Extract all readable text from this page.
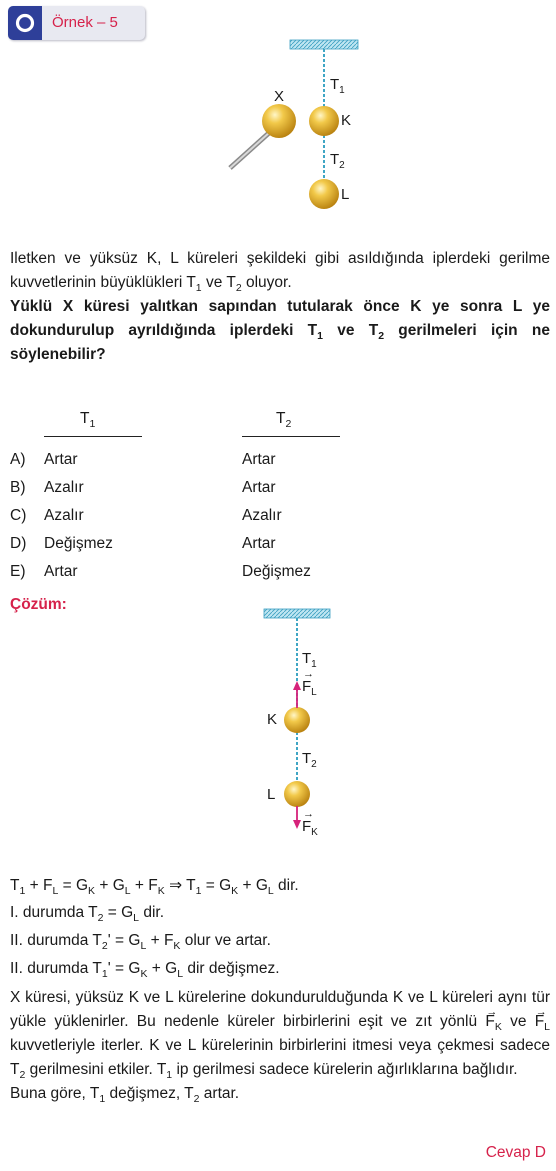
Örnek – 5
X
K
L
$T_1$
$T_2$

Iletken ve yüksüz K, L küreleri şekildeki gibi asıldığında iplerdeki gerilme kuvvetlerinin büyüklükleri $T_1$ ve $T_2$ oluyor.

Yüklü X küresi yalıtkan sapından tutularak önce K ye sonra L ye dokundurulup ayrıldığında iplerdeki $T_1$ ve $T_2$ gerilmeleri için ne söylenebilir?

$T_1$	$T_2$
A) Artar	Artar
B) Azalır	Artar
C) Azalır	Azalır
D) Değişmez	Artar
E) Artar	Değişmez
Çözüm:
$T_1$
→ $F_L$
K
$T_2$
L
→ $F_K$
$T_1 + F_L = G_K + G_L + F_K$ ⇒ $T_1 = G_K + G_L$ dir.
I. durumda $T_2 = G_L$ dir.
II. durumda $T_2' = G_L + F_K$ olur ve artar.
II. durumda $T_1' = G_K + G_L$ dir değişmez.

X küresi, yüksüz K ve L kürelerine dokundurulduğunda K ve L küreleri aynı tür yükle yüklenirler. Bu nedenle küreler birbirlerini eşit ve zıt yönlü → $F_K$ ve → $F_L$ kuvvetleriyle iterler. K ve L kürelerinin birbirlerini itmesi veya çekmesi sadece $T_2$ gerilmesini etkiler. $T_1$ ip gerilmesi sadece kürelerin ağırlıklarına bağlıdır.

Buna göre, $T_1$ değişmez, $T_2$ artar.

Cevap D
